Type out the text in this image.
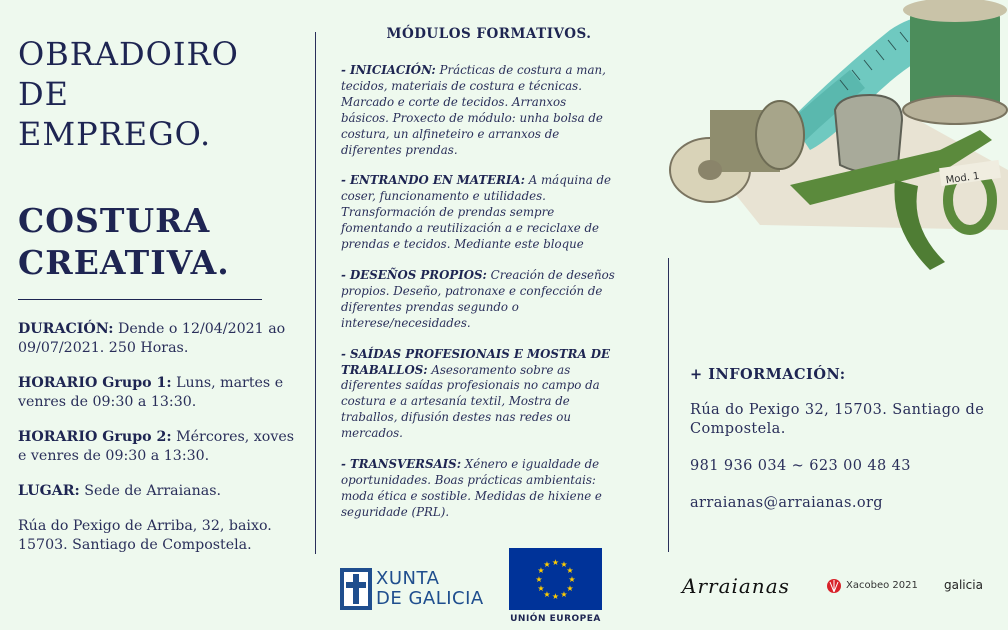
OBRADOIRO
DE
EMPREGO.
COSTURA
CREATIVA.

DURACIÓN: Dende o 12/04/2021 ao 09/07/2021. 250 Horas.

HORARIO Grupo 1: Luns, martes e venres de 09:30 a 13:30.

HORARIO Grupo 2: Mércores, xoves e venres de 09:30 a 13:30.

LUGAR: Sede de Arraianas.

Rúa do Pexigo de Arriba, 32, baixo. 15703. Santiago de Compostela.

MÓDULOS FORMATIVOS.
- INICIACIÓN: Prácticas de costura a man, tecidos, materiais de costura e técnicas. Marcado e corte de tecidos. Arranxos básicos. Proxecto de módulo: unha bolsa de costura, un alfineteiro e arranxos de diferentes prendas.
- ENTRANDO EN MATERIA: A máquina de coser, funcionamento e utilidades. Transformación de prendas sempre fomentando a reutilización a e reciclaxe de prendas e tecidos. Mediante este bloque
- DESEÑOS PROPIOS: Creación de deseños propios. Deseño, patronaxe e confección de diferentes prendas segundo o interese/necesidades.
- SAÍDAS PROFESIONAIS E MOSTRA DE TRABALLOS: Asesoramento sobre as diferentes saídas profesionais no campo da costura e a artesanía textil, Mostra de traballos, difusión destes nas redes ou mercados.
- TRANSVERSAIS: Xénero e igualdade de oportunidades. Boas prácticas ambientais: moda ética e sostible. Medidas de hixiene e seguridade (PRL).
Mod. 1
+ INFORMACIÓN:

Rúa do Pexigo 32, 15703. Santiago de Compostela.

981 936 034 ~ 623 00 48 43

arraianas@arraianas.org

XUNTA
DE GALICIA
★ ★
★
★
★
★
★
★
★
★
★
★
UNIÓN EUROPEA
Arraianas	Xacobeo 2021 galicia
